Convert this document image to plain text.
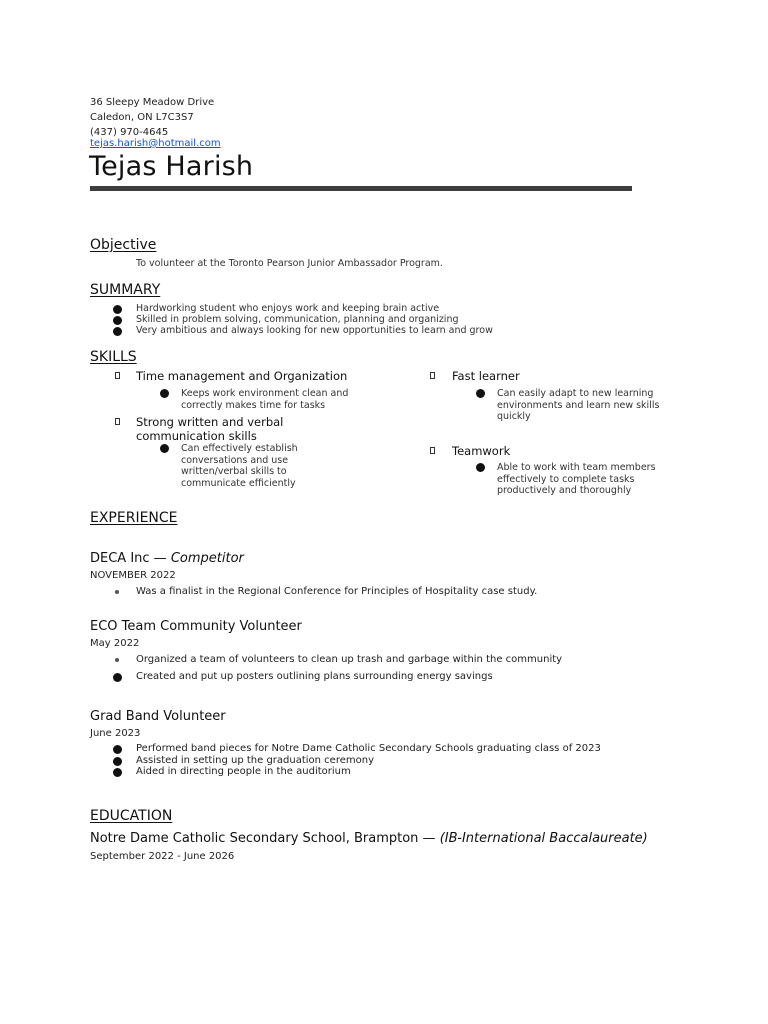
36 Sleepy Meadow Drive
Caledon, ON L7C3S7
(437) 970-4645
tejas.harish@hotmail.com
Tejas Harish
Objective
To volunteer at the Toronto Pearson Junior Ambassador Program.
SUMMARY
Hardworking student who enjoys work and keeping brain active
Skilled in problem solving, communication, planning and organizing
Very ambitious and always looking for new opportunities to learn and grow
SKILLS
Time management and Organization
Keeps work environment clean and correctly makes time for tasks
Strong written and verbal communication skills
Can effectively establish conversations and use written/verbal skills to communicate efficiently
Fast learner
Can easily adapt to new learning environments and learn new skills quickly
Teamwork
Able to work with team members effectively to complete tasks productively and thoroughly
EXPERIENCE
DECA Inc — Competitor
NOVEMBER 2022
Was a finalist in the Regional Conference for Principles of Hospitality case study.
ECO Team Community Volunteer
May 2022
Organized a team of volunteers to clean up trash and garbage within the community
Created and put up posters outlining plans surrounding energy savings
Grad Band Volunteer
June 2023
Performed band pieces for Notre Dame Catholic Secondary Schools graduating class of 2023
Assisted in setting up the graduation ceremony
Aided in directing people in the auditorium
EDUCATION
Notre Dame Catholic Secondary School, Brampton — (IB-International Baccalaureate)
September 2022 - June 2026
